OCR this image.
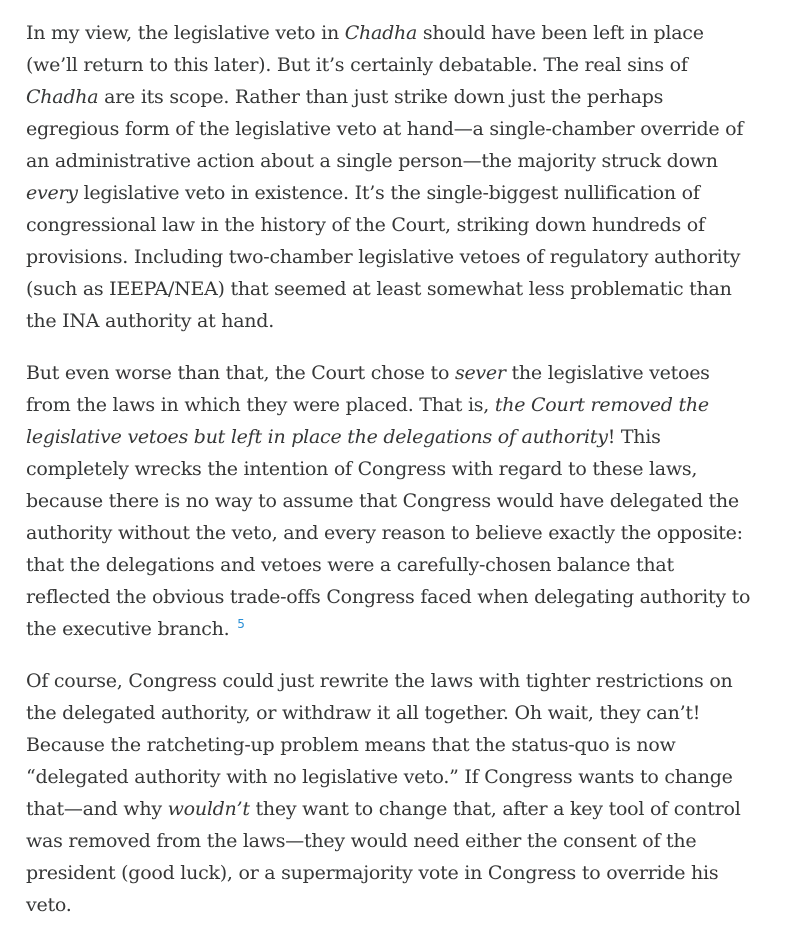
In my view, the legislative veto in Chadha should have been left in place (we’ll return to this later). But it’s certainly debatable. The real sins of Chadha are its scope. Rather than just strike down just the perhaps egregious form of the legislative veto at hand—a single-chamber override of an administrative action about a single person—the majority struck down every legislative veto in existence. It’s the single-biggest nullification of congressional law in the history of the Court, striking down hundreds of provisions. Including two-chamber legislative vetoes of regulatory authority (such as IEEPA/NEA) that seemed at least somewhat less problematic than the INA authority at hand.

But even worse than that, the Court chose to sever the legislative vetoes from the laws in which they were placed. That is, the Court removed the legislative vetoes but left in place the delegations of authority! This completely wrecks the intention of Congress with regard to these laws, because there is no way to assume that Congress would have delegated the authority without the veto, and every reason to believe exactly the opposite: that the delegations and vetoes were a carefully-chosen balance that reflected the obvious trade-offs Congress faced when delegating authority to the executive branch. $^5$

Of course, Congress could just rewrite the laws with tighter restrictions on the delegated authority, or withdraw it all together. Oh wait, they can’t! Because the ratcheting-up problem means that the status-quo is now “delegated authority with no legislative veto.” If Congress wants to change that—and why wouldn’t they want to change that, after a key tool of control was removed from the laws—they would need either the consent of the president (good luck), or a supermajority vote in Congress to override his veto.
